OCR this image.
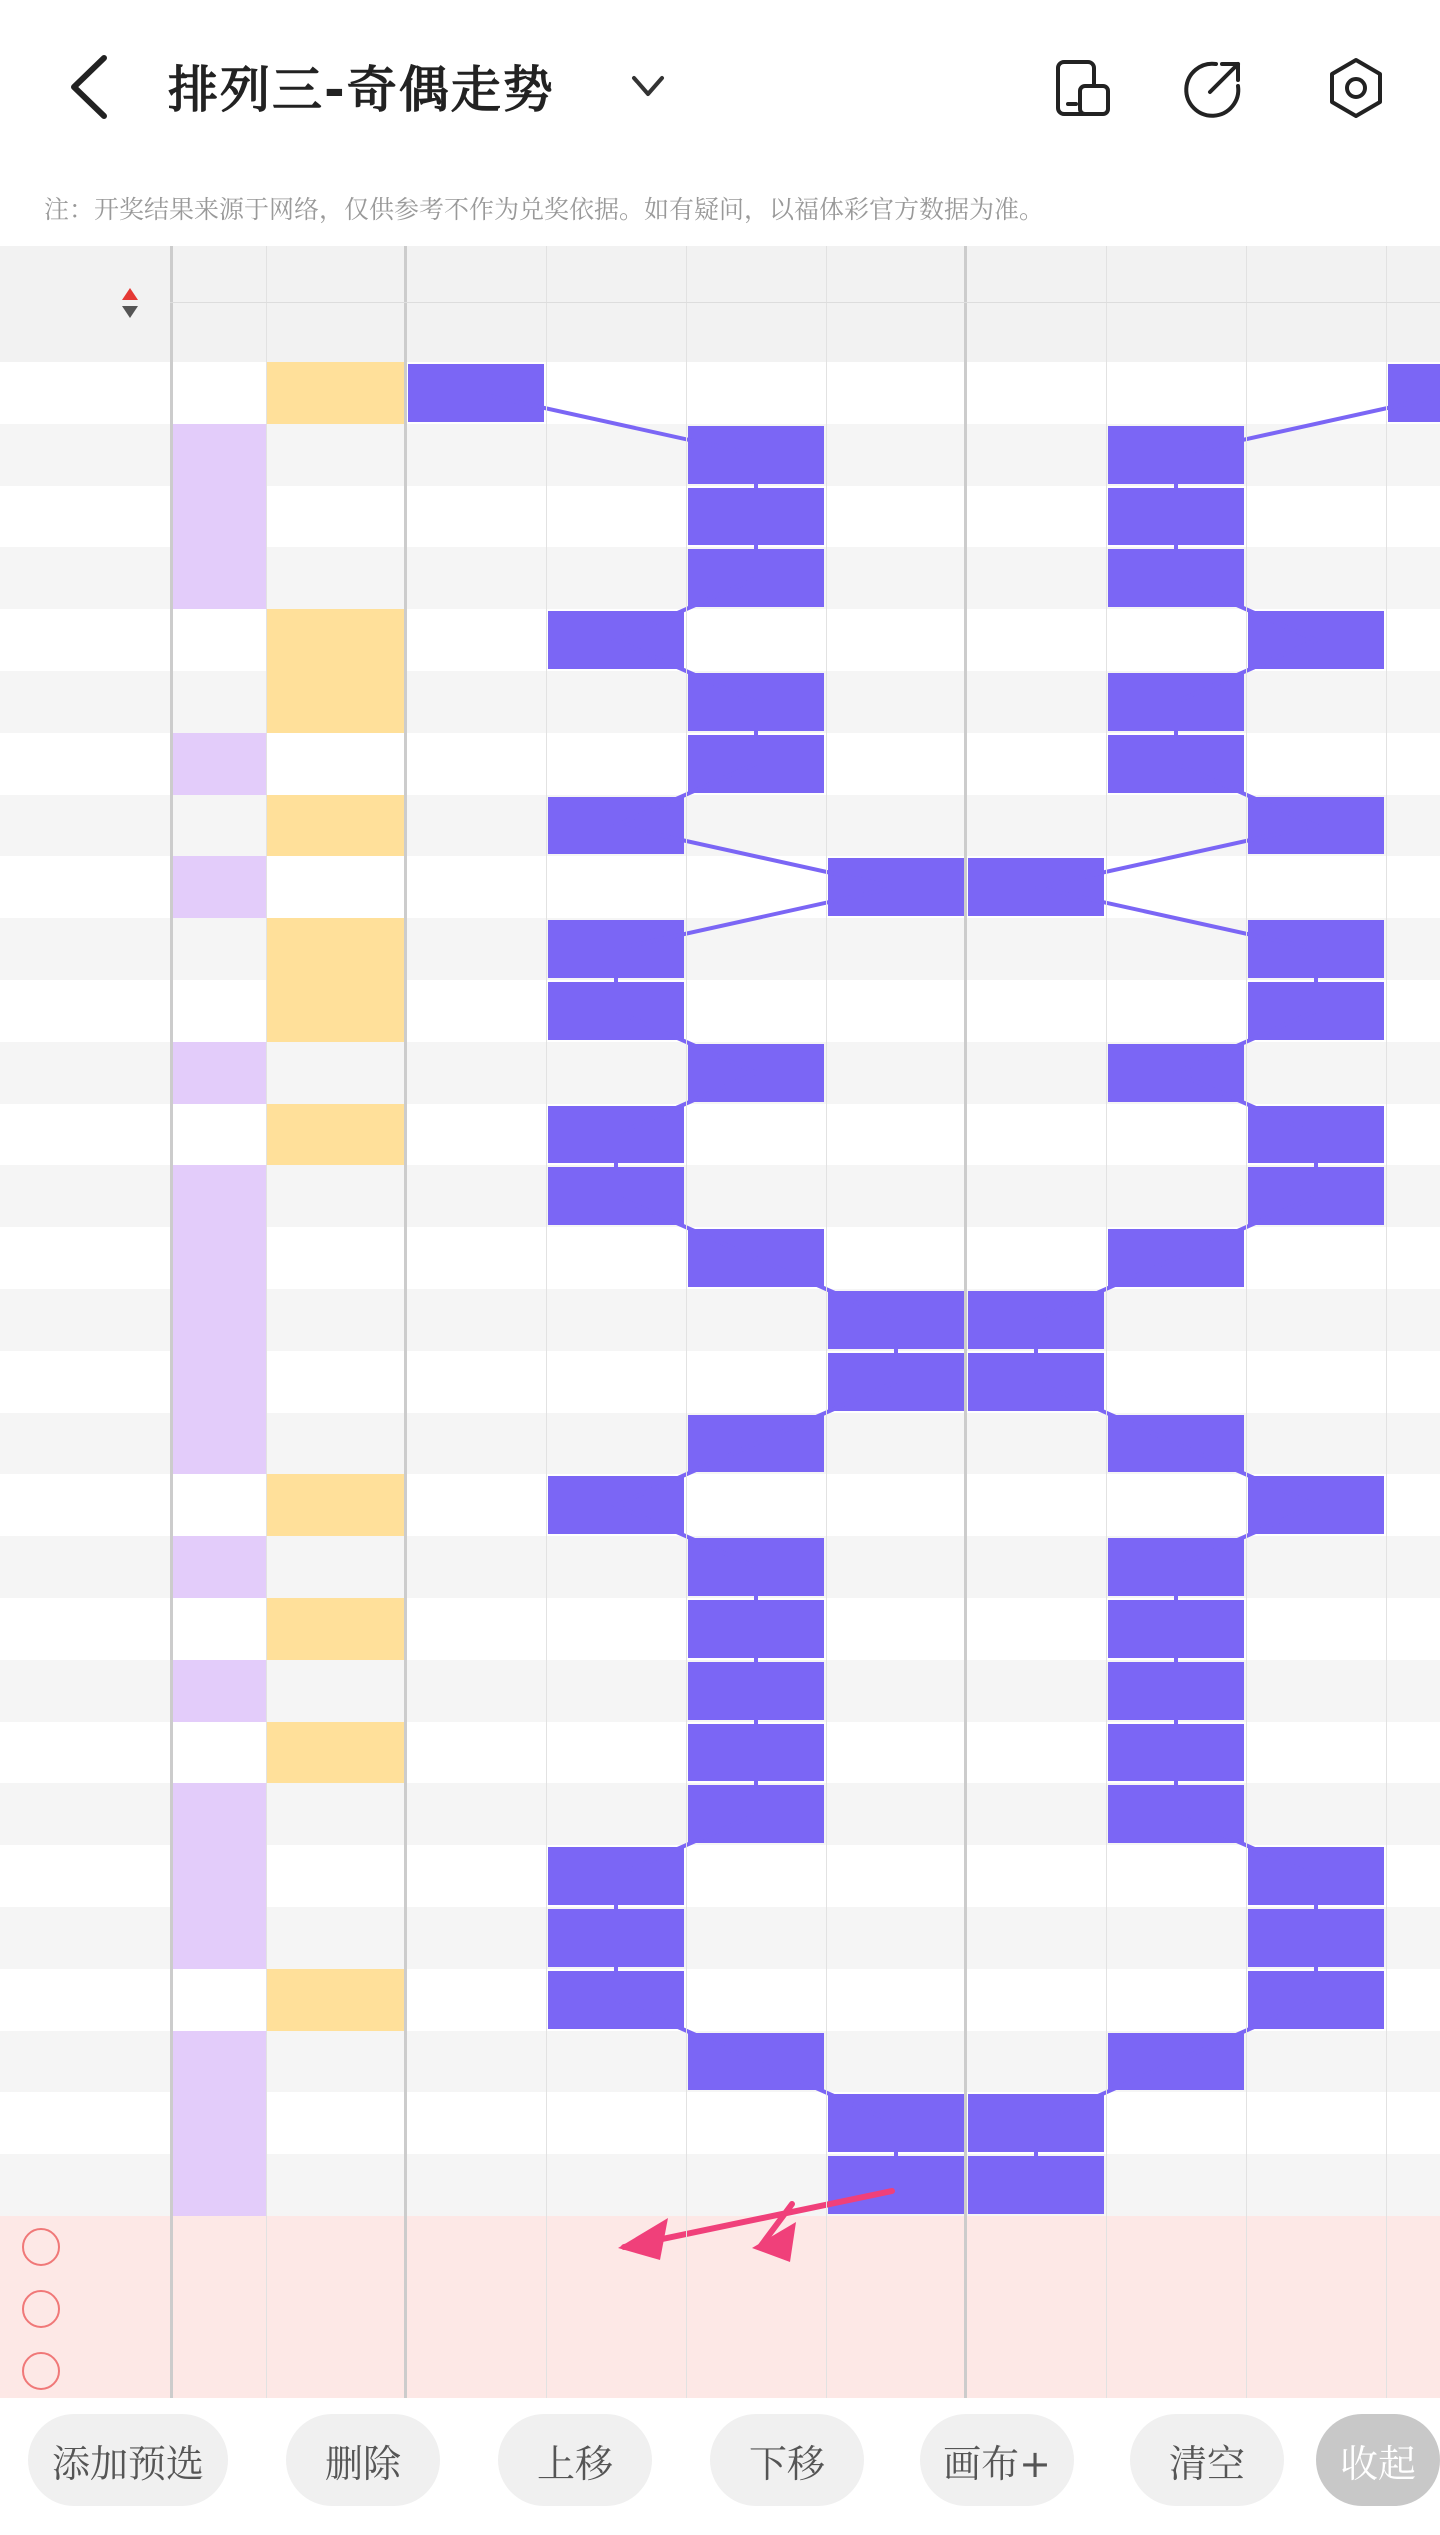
排列三-奇偶走势
注：开奖结果来源于网络，仅供参考不作为兑奖依据。如有疑问，以福体彩官方数据为准。
添加预选	删除	上移	下移	画布+	清空	收起
